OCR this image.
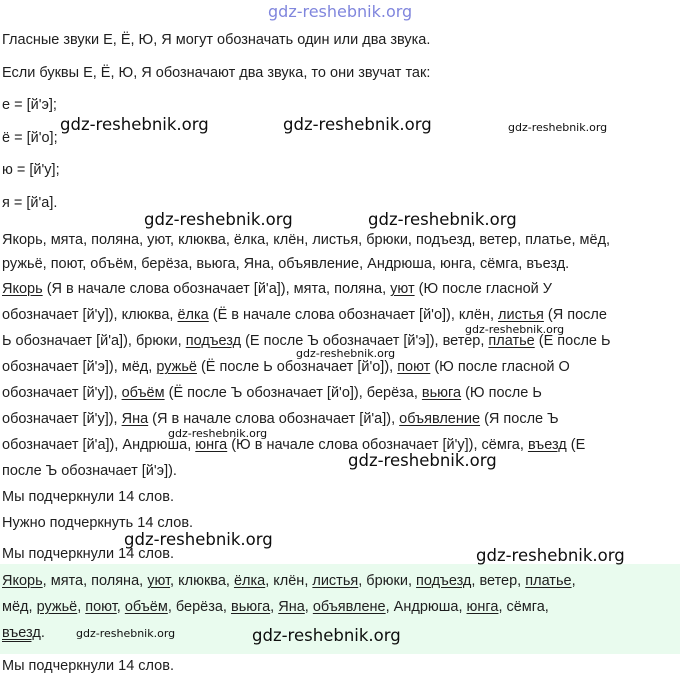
gdz-reshebnik.org
Гласные звуки Е, Ё, Ю, Я могут обозначать один или два звука.
Если буквы Е, Ё, Ю, Я обозначают два звука, то они звучат так:
е = [й'э];
ё = [й'о];
ю = [й'у];
я = [й'а].
Якорь, мята, поляна, уют, клюква, ёлка, клён, листья, брюки, подъезд, ветер, платье, мёд,
ружьё, поют, объём, берёза, вьюга, Яна, объявление, Андрюша, юнга, сёмга, въезд.
Якорь (Я в начале слова обозначает [й'а]), мята, поляна, уют (Ю после гласной У
обозначает [й'у]), клюква, ёлка (Ё в начале слова обозначает [й'о]), клён, листья (Я после
Ь обозначает [й'а]), брюки, подъезд (Е после Ъ обозначает [й'э]), ветер, платье (Е после Ь
обозначает [й'э]), мёд, ружьё (Ё после Ь обозначает [й'о]), поют (Ю после гласной О
обозначает [й'у]), объём (Ё после Ъ обозначает [й'о]), берёза, вьюга (Ю после Ь
обозначает [й'у]), Яна (Я в начале слова обозначает [й'а]), объявление (Я после Ъ
обозначает [й'а]), Андрюша, юнга (Ю в начале слова обозначает [й'у]), сёмга, въезд (Е
после Ъ обозначает [й'э]).
Мы подчеркнули 14 слов.
Нужно подчеркнуть 14 слов.
Мы подчеркнули 14 слов.
Якорь, мята, поляна, уют, клюква, ёлка, клён, листья, брюки, подъезд, ветер, платье,
мёд, ружьё, поют, объём, берёза, вьюга, Яна, объявлене, Андрюша, юнга, сёмга,
въезд.
Мы подчеркнули 14 слов.
gdz-reshebnik.org	gdz-reshebnik.org	gdz-reshebnik.org
gdz-reshebnik.org	gdz-reshebnik.org
gdz-reshebnik.org
gdz-reshebnik.org
gdz-reshebnik.org
gdz-reshebnik.org
gdz-reshebnik.org
gdz-reshebnik.org
gdz-reshebnik.org	gdz-reshebnik.org
